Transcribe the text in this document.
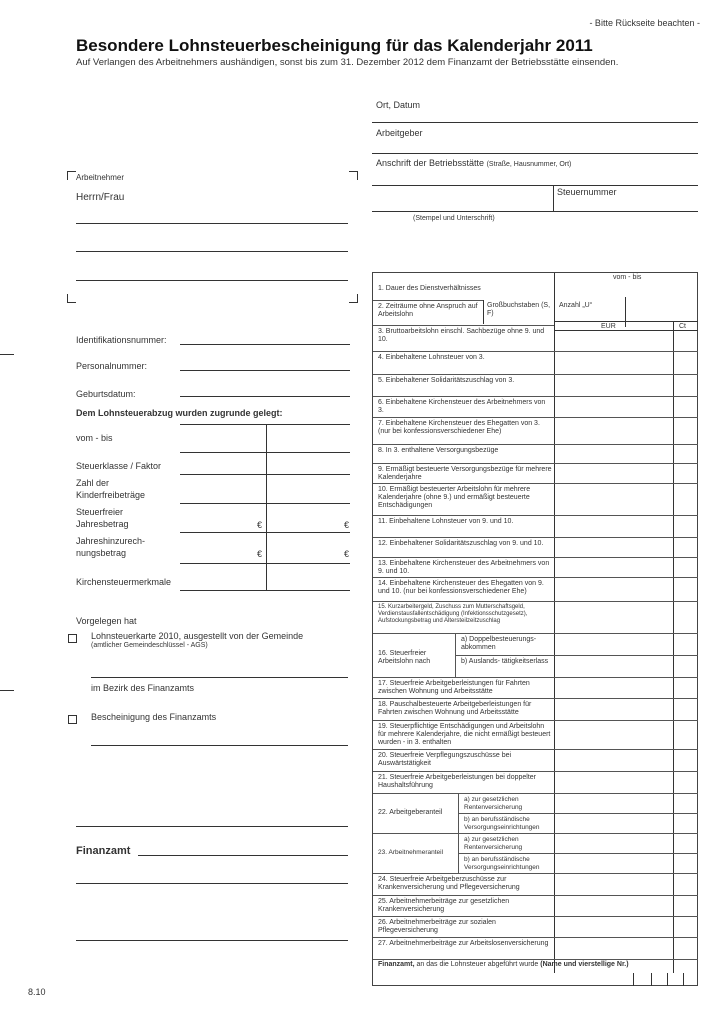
- Bitte Rückseite beachten -
Besondere Lohnsteuerbescheinigung für das Kalenderjahr 2011
Auf Verlangen des Arbeitnehmers aushändigen, sonst bis zum 31. Dezember 2012 dem Finanzamt der Betriebsstätte einsenden.
Ort, Datum
Arbeitgeber
Anschrift der Betriebsstätte (Straße, Hausnummer, Ort)
Steuernummer
(Stempel und Unterschrift)
Arbeitnehmer
Herrn/Frau
Identifikationsnummer:
Personalnummer:
Geburtsdatum:
Dem Lohnsteuerabzug wurden zugrunde gelegt:
vom - bis
Steuerklasse / Faktor
Zahl der
Kinderfreibeträge
Steuerfreier
Jahresbetrag	€	€
Jahreshinzurech-
nungsbetrag	€	€
Kirchensteuermerkmale
Vorgelegen hat
Lohnsteuerkarte 2010, ausgestellt von der Gemeinde
(amtlicher Gemeindeschlüssel - AGS)
im Bezirk des Finanzamts
Bescheinigung des Finanzamts
Finanzamt
8.10
vom - bis
EUR	Ct
Großbuchstaben (S, F)
Anzahl „U“
1. Dauer des Dienstverhältnisses
2. Zeiträume ohne Anspruch auf Arbeitslohn
3. Bruttoarbeitslohn einschl. Sachbezüge ohne 9. und 10.
4. Einbehaltene Lohnsteuer von 3.
5. Einbehaltener Solidaritätszuschlag von 3.
6. Einbehaltene Kirchensteuer des Arbeitnehmers von 3.
7. Einbehaltene Kirchensteuer des Ehegatten von 3. (nur bei konfessionsverschiedener Ehe)
8. In 3. enthaltene Versorgungsbezüge
9. Ermäßigt besteuerte Versorgungsbezüge für mehrere Kalenderjahre
10. Ermäßigt besteuerter Arbeitslohn für mehrere Kalenderjahre (ohne 9.) und ermäßigt besteuerte Entschädigungen
11. Einbehaltene Lohnsteuer von 9. und 10.
12. Einbehaltener Solidaritätszuschlag von 9. und 10.
13. Einbehaltene Kirchensteuer des Arbeitnehmers von 9. und 10.
14. Einbehaltene Kirchensteuer des Ehegatten von 9. und 10. (nur bei konfessionsverschiedener Ehe)
15. Kurzarbeitergeld, Zuschuss zum Mutterschaftsgeld, Verdienstausfallentschädigung (Infektionsschutzgesetz), Aufstockungsbetrag und Altersteilzeitzuschlag
16. Steuerfreier Arbeitslohn nach
a) Doppelbesteuerungs- abkommen
b) Auslands- tätigkeitserlass
17. Steuerfreie Arbeitgeberleistungen für Fahrten zwischen Wohnung und Arbeitsstätte
18. Pauschalbesteuerte Arbeitgeberleistungen für Fahrten zwischen Wohnung und Arbeitsstätte
19. Steuerpflichtige Entschädigungen und Arbeitslohn für mehrere Kalenderjahre, die nicht ermäßigt besteuert wurden - in 3. enthalten
20. Steuerfreie Verpflegungszuschüsse bei Auswärtstätigkeit
21. Steuerfreie Arbeitgeberleistungen bei doppelter Haushaltsführung
22. Arbeitgeberanteil
a) zur gesetzlichen Rentenversicherung
b) an berufsständische Versorgungseinrichtungen
23. Arbeitnehmeranteil
a) zur gesetzlichen Rentenversicherung
b) an berufsständische Versorgungseinrichtungen
24. Steuerfreie Arbeitgeberzuschüsse zur Krankenversicherung und Pflegeversicherung
25. Arbeitnehmerbeiträge zur gesetzlichen Krankenversicherung
26. Arbeitnehmerbeiträge zur sozialen Pflegeversicherung
27. Arbeitnehmerbeiträge zur Arbeitslosenversicherung
Finanzamt, an das die Lohnsteuer abgeführt wurde (Name und vierstellige Nr.)
